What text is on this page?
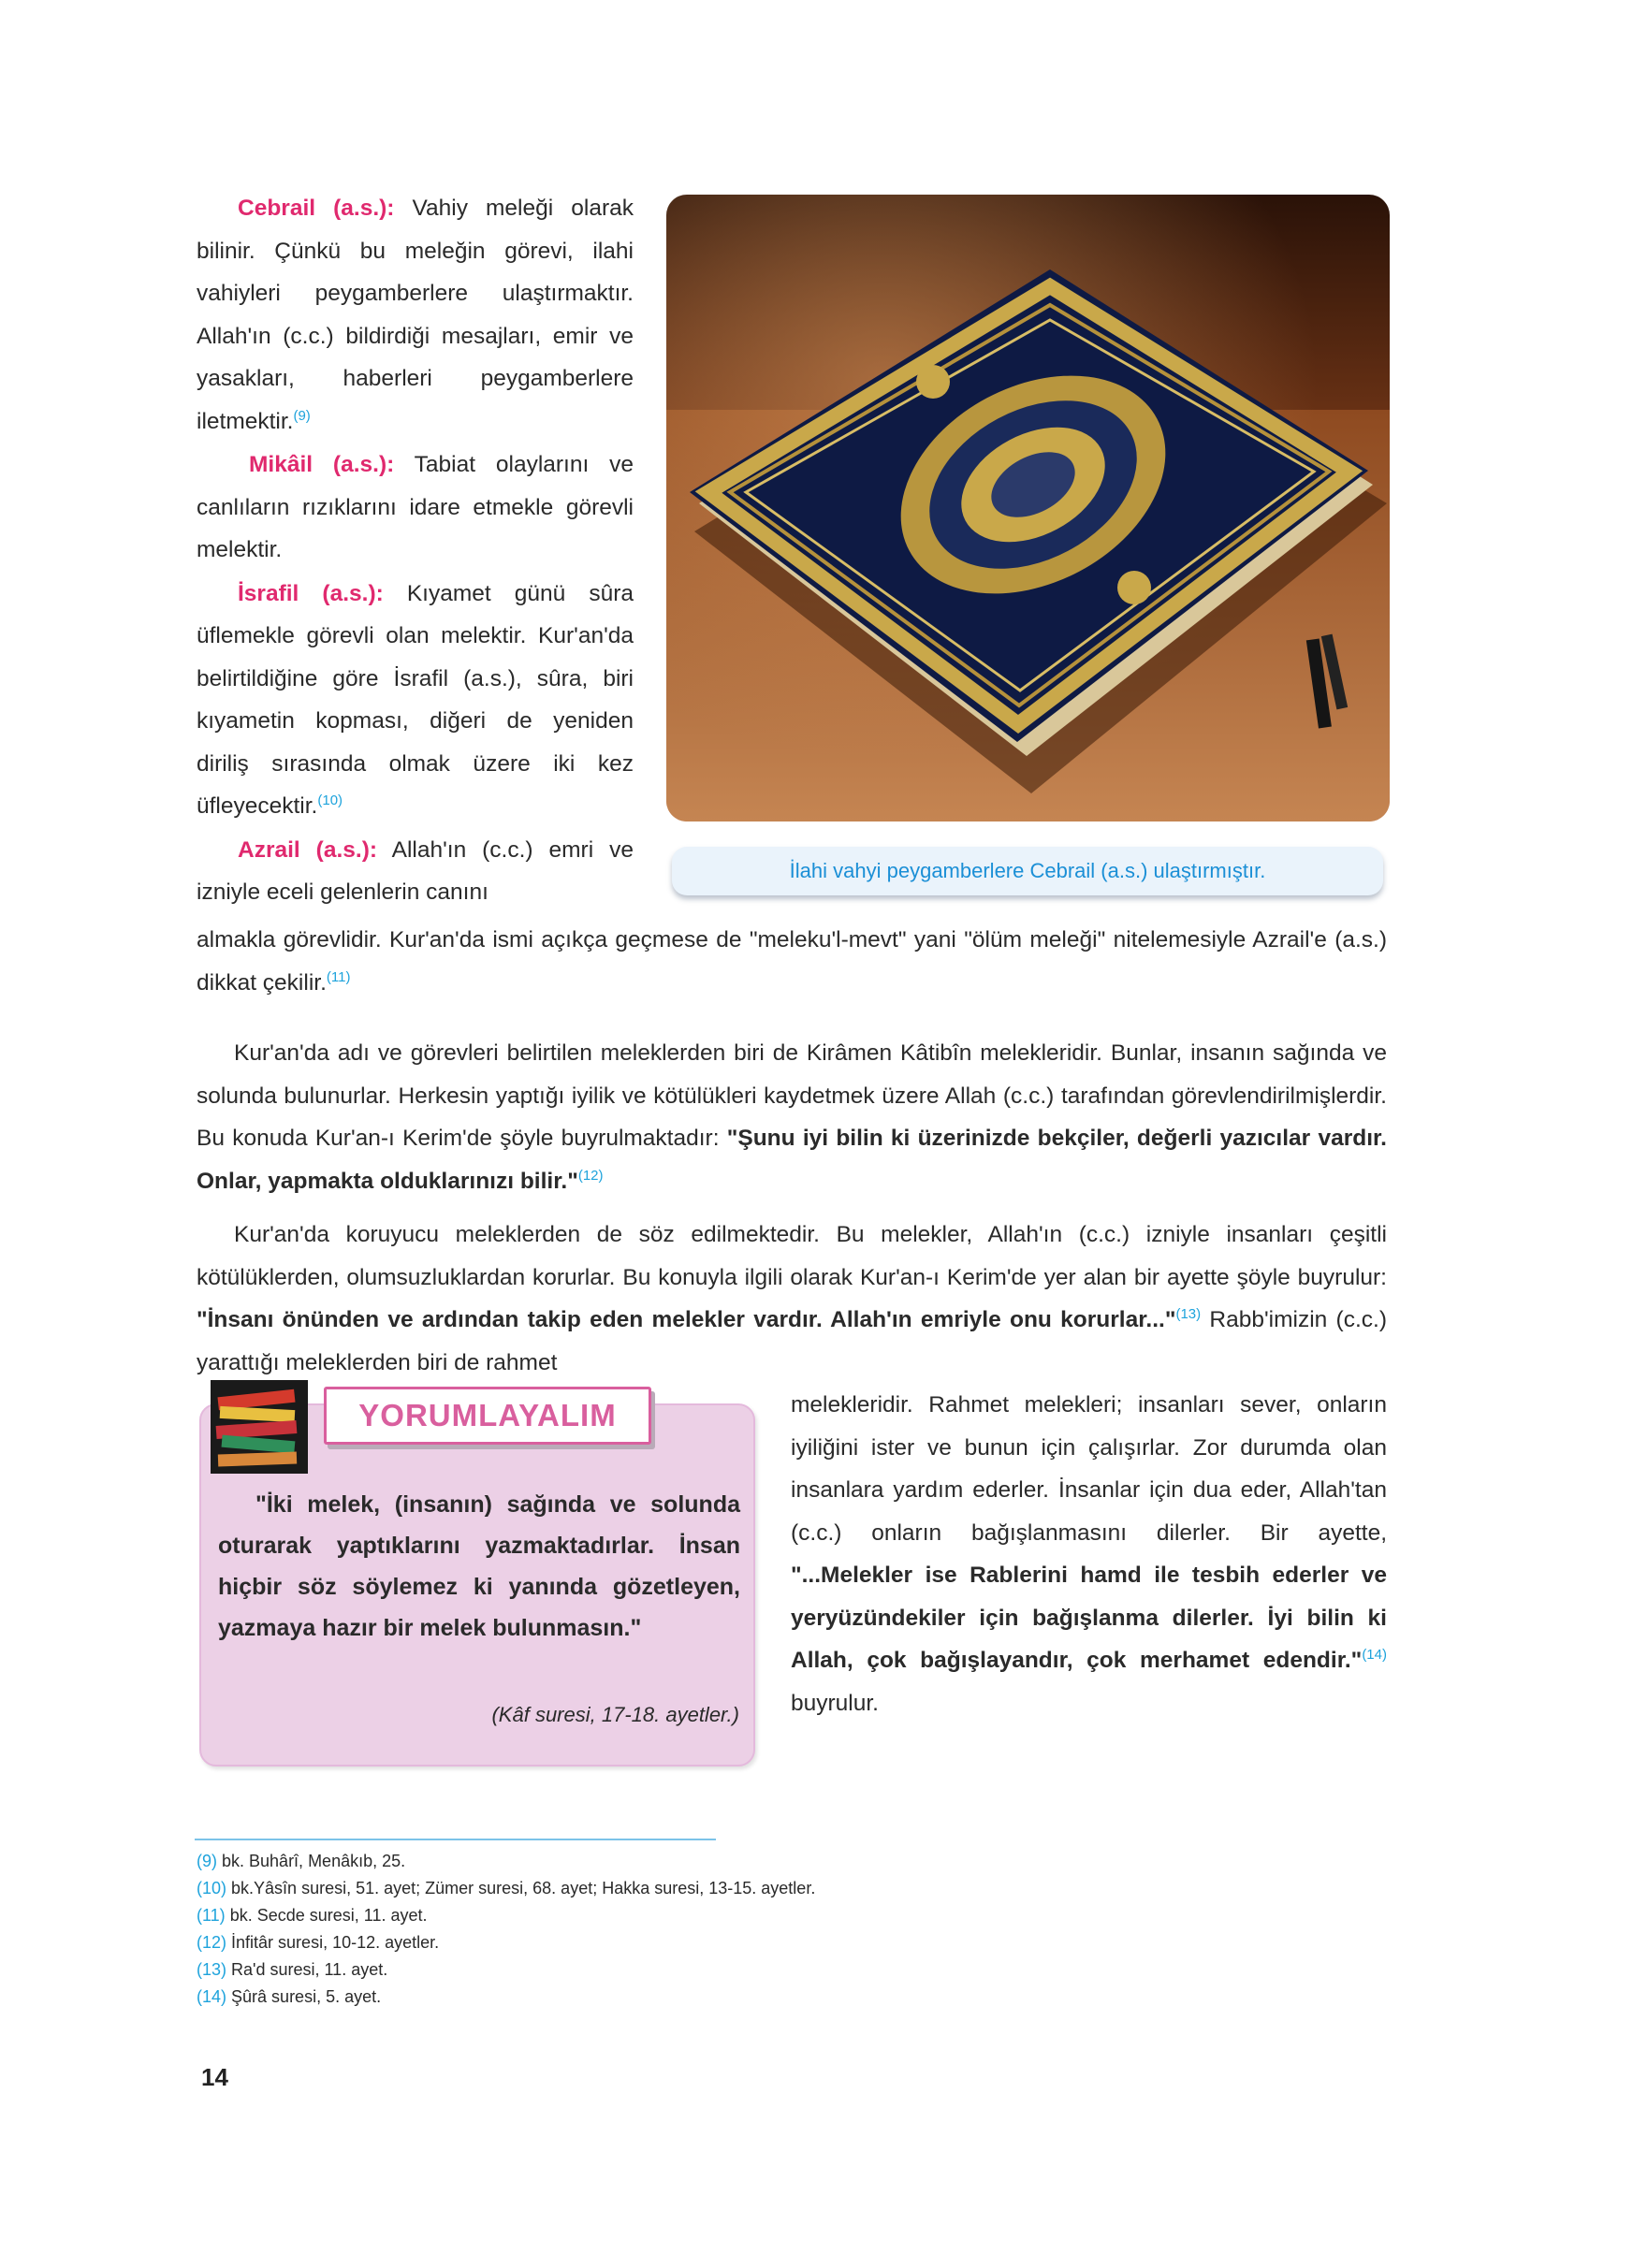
Cebrail (a.s.): Vahiy meleği olarak bilinir. Çünkü bu meleğin görevi, ilahi vahiyleri peygamberlere ulaştırmaktır. Allah'ın (c.c.) bildirdiği mesajları, emir ve yasakları, haberleri peygamberlere iletmektir.$^{(9)}$
Mikâil (a.s.): Tabiat olaylarını ve canlıların rızıklarını idare etmekle görevli melektir.
İsrafil (a.s.): Kıyamet günü sûra üflemekle görevli olan melektir. Kur'an'da belirtildiğine göre İsrafil (a.s.), sûra, biri kıyametin kopması, diğeri de yeniden diriliş sırasında olmak üzere iki kez üfleyecektir.$^{(10)}$
Azrail (a.s.): Allah'ın (c.c.) emri ve izniyle eceli gelenlerin canını
İlahi vahyi peygamberlere Cebrail (a.s.) ulaştırmıştır.
almakla görevlidir. Kur'an'da ismi açıkça geçmese de "meleku'l-mevt" yani "ölüm meleği" nitelemesiyle Azrail'e (a.s.) dikkat çekilir.$^{(11)}$
Kur'an'da adı ve görevleri belirtilen meleklerden biri de Kirâmen Kâtibîn melekleridir. Bunlar, insanın sağında ve solunda bulunurlar. Herkesin yaptığı iyilik ve kötülükleri kaydetmek üzere Allah (c.c.) tarafından görevlendirilmişlerdir. Bu konuda Kur'an-ı Kerim'de şöyle buyrulmaktadır: "Şunu iyi bilin ki üzerinizde bekçiler, değerli yazıcılar vardır. Onlar, yapmakta olduklarınızı bilir."$^{(12)}$
Kur'an'da koruyucu meleklerden de söz edilmektedir. Bu melekler, Allah'ın (c.c.) izniyle insanları çeşitli kötülüklerden, olumsuzluklardan korurlar. Bu konuyla ilgili olarak Kur'an-ı Kerim'de yer alan bir ayette şöyle buyrulur: "İnsanı önünden ve ardından takip eden melekler vardır. Allah'ın emriyle onu korurlar..."$^{(13)}$ Rabb'imizin (c.c.) yarattığı meleklerden biri de rahmet
melekleridir. Rahmet melekleri; insanları sever, onların iyiliğini ister ve bunun için çalışırlar. Zor durumda olan insanlara yardım ederler. İnsanlar için dua eder, Allah'tan (c.c.) onların bağışlanmasını dilerler. Bir ayette, "...Melekler ise Rablerini hamd ile tesbih ederler ve yeryüzündekiler için bağışlanma dilerler. İyi bilin ki Allah, çok bağışlayandır, çok merhamet edendir."$^{(14)}$ buyrulur.
YORUMLAYALIM
"İki melek, (insanın) sağında ve solunda oturarak yaptıklarını yazmaktadırlar. İnsan hiçbir söz söylemez ki yanında gözetleyen, yazmaya hazır bir melek bulunmasın."
(Kâf suresi, 17-18. ayetler.)
(9) bk. Buhârî, Menâkıb, 25.
(10) bk.Yâsîn suresi, 51. ayet; Zümer suresi, 68. ayet; Hakka suresi, 13-15. ayetler.
(11) bk. Secde suresi, 11. ayet.
(12) İnfitâr suresi, 10-12. ayetler.
(13) Ra'd suresi, 11. ayet.
(14) Şûrâ suresi, 5. ayet.
14
